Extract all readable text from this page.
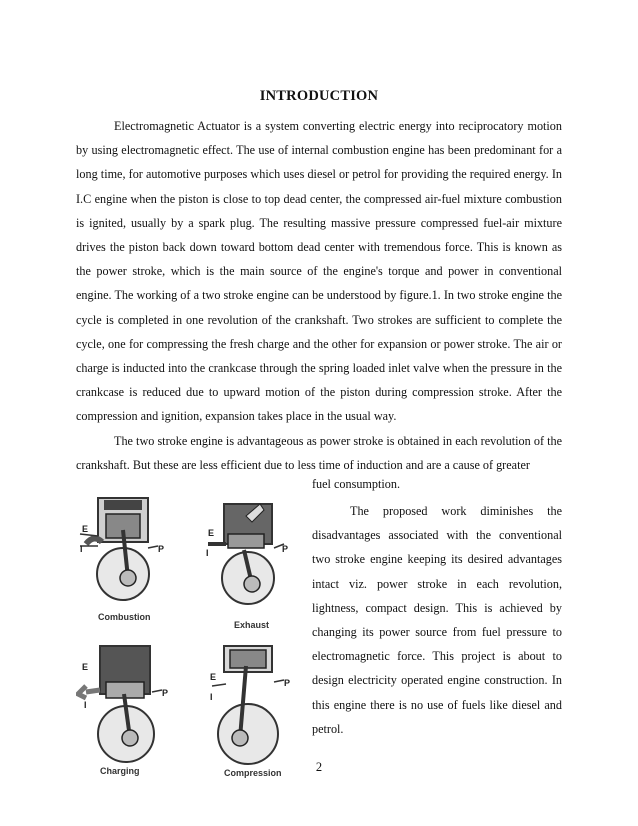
INTRODUCTION

Electromagnetic Actuator is a system converting electric energy into reciprocatory motion by using electromagnetic effect. The use of internal combustion engine has been predominant for a long time, for automotive purposes which uses diesel or petrol for providing the required energy. In I.C engine when the piston is close to top dead center, the compressed air-fuel mixture combustion is ignited, usually by a spark plug. The resulting massive pressure compressed fuel-air mixture drives the piston back down toward bottom dead center with tremendous force. This is known as the power stroke, which is the main source of the engine's torque and power in conventional engine. The working of a two stroke engine can be understood by figure.1. In two stroke engine the cycle is completed in one revolution of the crankshaft. Two strokes are sufficient to complete the cycle, one for compressing the fresh charge and the other for expansion or power stroke. The air or charge is inducted into the crankcase through the spring loaded inlet valve when the pressure in the crankcase is reduced due to upward motion of the piston during compression stroke. After the compression and ignition, expansion takes place in the usual way.

The two stroke engine is advantageous as power stroke is obtained in each revolution of the crankshaft. But these are less efficient due to less time of induction and are a cause of greater

fuel consumption.

The proposed work diminishes the disadvantages associated with the conventional two stroke engine keeping its desired advantages intact viz. power stroke in each revolution, lightness, compact design. This is achieved by changing its power source from fuel pressure to electromagnetic force. This project is about to design electricity operated engine construction. In this engine there is no use of fuels like diesel and petrol.

E
I	P
Combustion
E
I	P
Exhaust
E
I
P
Charging
E
I
P
Compression	2
